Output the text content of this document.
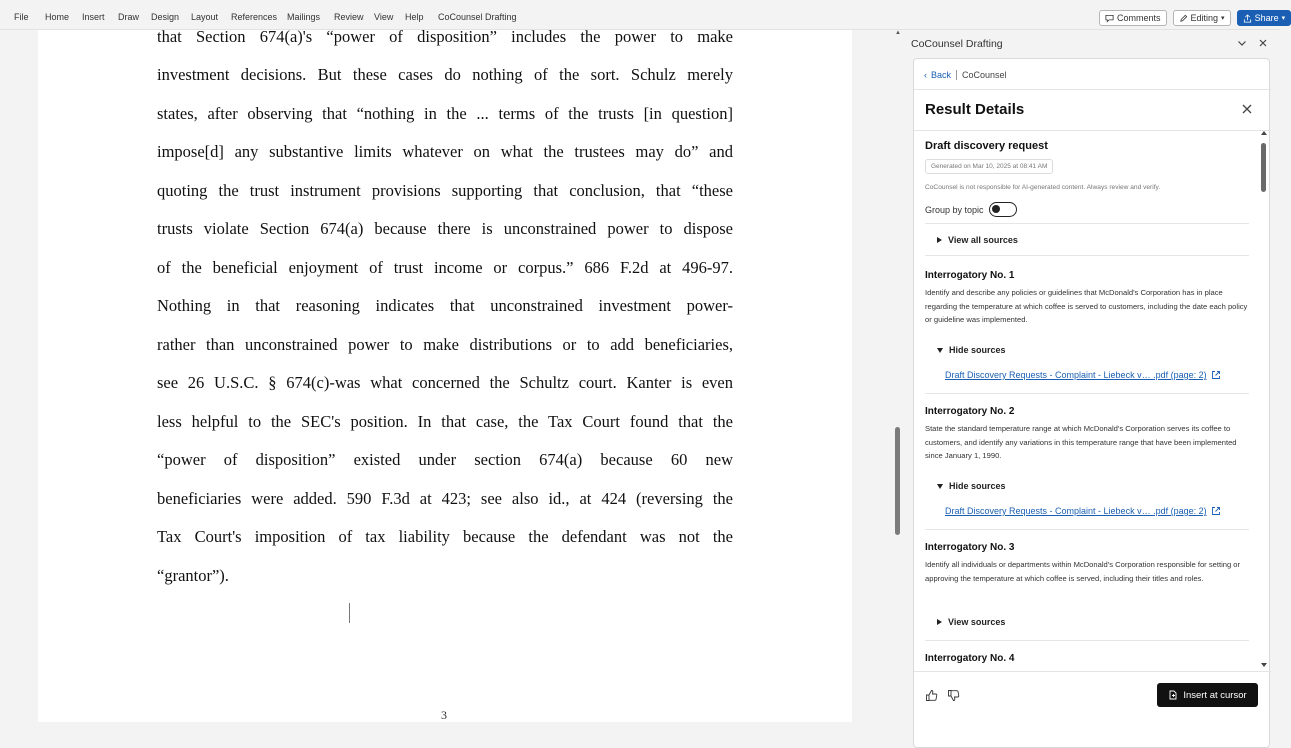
File Home Insert Draw Design Layout References Mailings Review View Help CoCounsel Drafting	Comments	Editing ▾	Share ▾
that Section 674(a)'s “power of disposition” includes the power to make
investment decisions. But these cases do nothing of the sort. Schulz merely
states, after observing that “nothing in the ... terms of the trusts [in question]
impose[d] any substantive limits whatever on what the trustees may do” and
quoting the trust instrument provisions supporting that conclusion, that “these
trusts violate Section 674(a) because there is unconstrained power to dispose
of the beneficial enjoyment of trust income or corpus.” 686 F.2d at 496-97.
Nothing in that reasoning indicates that unconstrained investment power-
rather than unconstrained power to make distributions or to add beneficiaries,
see 26 U.S.C. § 674(c)-was what concerned the Schultz court. Kanter is even
less helpful to the SEC's position. In that case, the Tax Court found that the
“power of disposition” existed under section 674(a) because 60 new
beneficiaries were added. 590 F.3d at 423; see also id., at 424 (reversing the
Tax Court's imposition of tax liability because the defendant was not the
“grantor”).
3
▲
CoCounsel Drafting
‹ Back CoCounsel
Result Details
Draft discovery request
Generated on Mar 10, 2025 at 08:41 AM
CoCounsel is not responsible for AI-generated content. Always review and verify.
Group by topic
View all sources
Interrogatory No. 1
Identify and describe any policies or guidelines that McDonald's Corporation has in place regarding the temperature at which coffee is served to customers, including the date each policy or guideline was implemented.
Hide sources
Draft Discovery Requests - Complaint - Liebeck v… .pdf (page: 2)
Interrogatory No. 2
State the standard temperature range at which McDonald's Corporation serves its coffee to customers, and identify any variations in this temperature range that have been implemented since January 1, 1990.
Hide sources
Draft Discovery Requests - Complaint - Liebeck v… .pdf (page: 2)
Interrogatory No. 3
Identify all individuals or departments within McDonald's Corporation responsible for setting or approving the temperature at which coffee is served, including their titles and roles.
View sources
Interrogatory No. 4
Insert at cursor
